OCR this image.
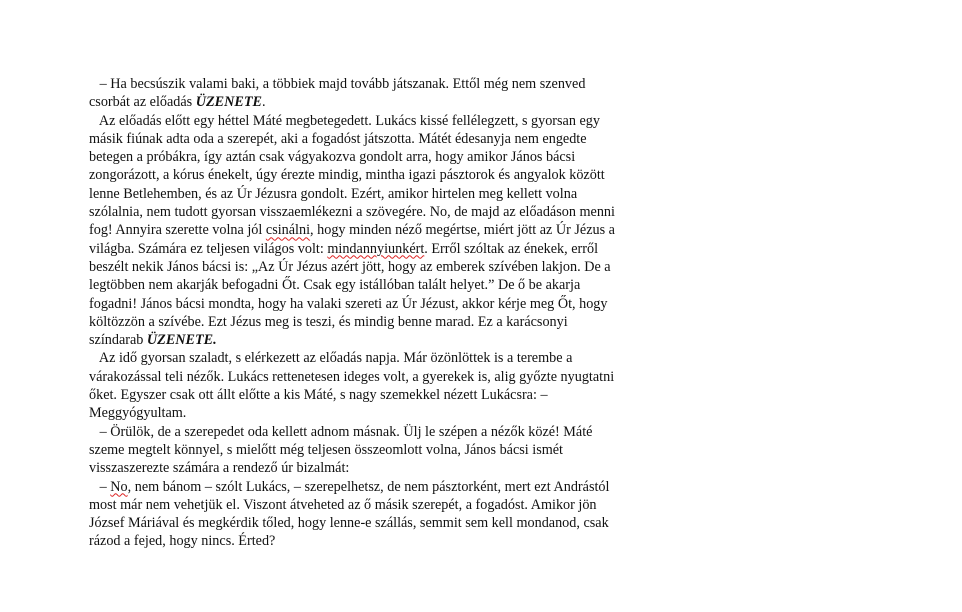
– Ha becsúszik valami baki, a többiek majd tovább játszanak. Ettől még nem szenved
csorbát az előadás ÜZENETE.
Az előadás előtt egy héttel Máté megbetegedett. Lukács kissé fellélegzett, s gyorsan egy
másik fiúnak adta oda a szerepét, aki a fogadóst játszotta. Mátét édesanyja nem engedte
betegen a próbákra, így aztán csak vágyakozva gondolt arra, hogy amikor János bácsi
zongorázott, a kórus énekelt, úgy érezte mindig, mintha igazi pásztorok és angyalok között
lenne Betlehemben, és az Úr Jézusra gondolt. Ezért, amikor hirtelen meg kellett volna
szólalnia, nem tudott gyorsan visszaemlékezni a szövegére. No, de majd az előadáson menni
fog! Annyira szerette volna jól csinálni, hogy minden néző megértse, miért jött az Úr Jézus a
világba. Számára ez teljesen világos volt: mindannyiunkért. Erről szóltak az énekek, erről
beszélt nekik János bácsi is: „Az Úr Jézus azért jött, hogy az emberek szívében lakjon. De a
legtöbben nem akarják befogadni Őt. Csak egy istállóban talált helyet.” De ő be akarja
fogadni! János bácsi mondta, hogy ha valaki szereti az Úr Jézust, akkor kérje meg Őt, hogy
költözzön a szívébe. Ezt Jézus meg is teszi, és mindig benne marad. Ez a karácsonyi
színdarab ÜZENETE.
Az idő gyorsan szaladt, s elérkezett az előadás napja. Már özönlöttek is a terembe a
várakozással teli nézők. Lukács rettenetesen ideges volt, a gyerekek is, alig győzte nyugtatni
őket. Egyszer csak ott állt előtte a kis Máté, s nagy szemekkel nézett Lukácsra: –
Meggyógyultam.
– Örülök, de a szerepedet oda kellett adnom másnak. Ülj le szépen a nézők közé! Máté
szeme megtelt könnyel, s mielőtt még teljesen összeomlott volna, János bácsi ismét
visszaszerezte számára a rendező úr bizalmát:
– No, nem bánom – szólt Lukács, – szerepelhetsz, de nem pásztorként, mert ezt Andrástól
most már nem vehetjük el. Viszont átveheted az ő másik szerepét, a fogadóst. Amikor jön
József Máriával és megkérdik tőled, hogy lenne-e szállás, semmit sem kell mondanod, csak
rázod a fejed, hogy nincs. Érted?
